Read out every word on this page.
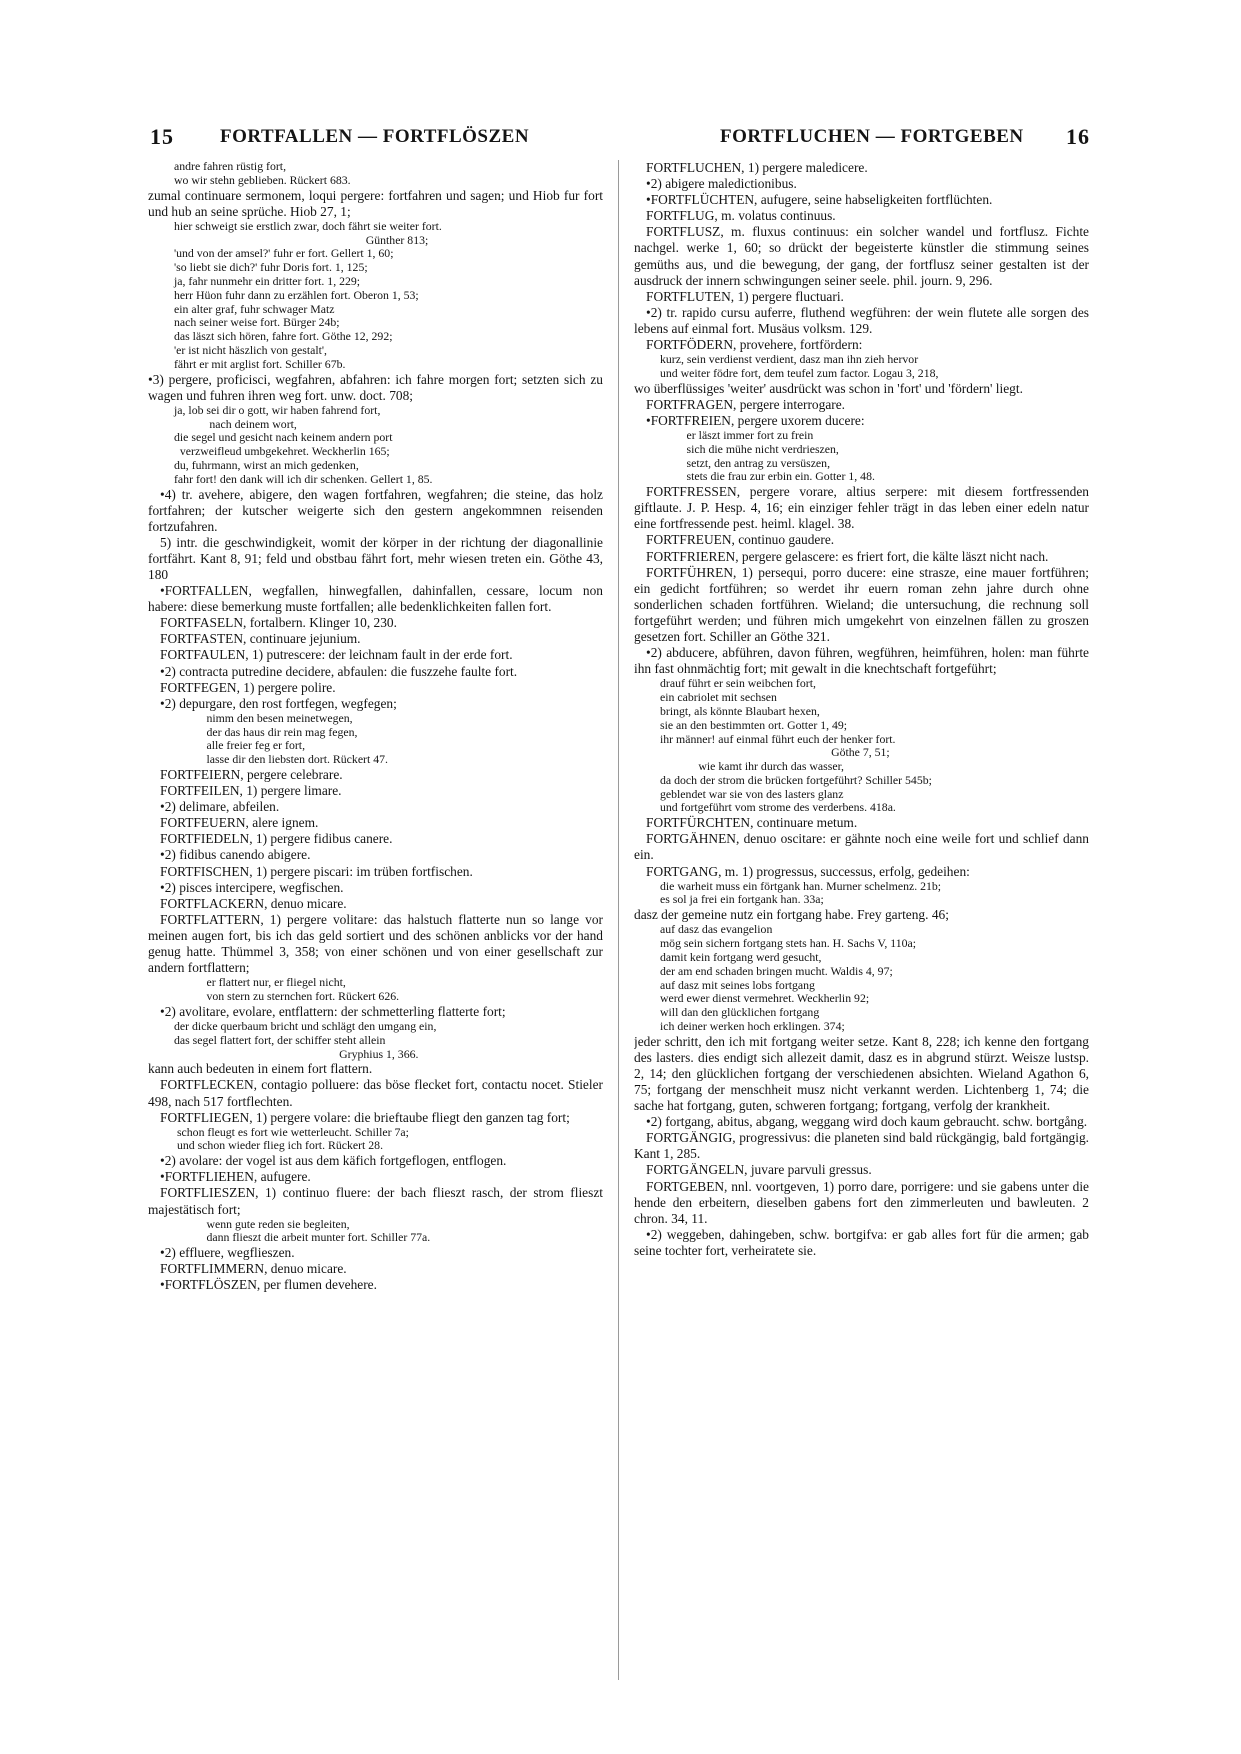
15 FORTFALLEN — FORTFLÖSZEN	FORTFLUCHEN — FORTGEBEN 16

andre fahren rüstig fort,
wo wir stehn geblieben. Rückert 683.

zumal continuare sermonem, loqui pergere: fortfahren und sagen; und Hiob fur fort und hub an seine sprüche. Hiob 27, 1;

hier schweigt sie erstlich zwar, doch fährt sie weiter fort.
Günther 813;
'und von der amsel?' fuhr er fort. Gellert 1, 60;
'so liebt sie dich?' fuhr Doris fort. 1, 125;
ja, fahr nunmehr ein dritter fort. 1, 229;
herr Hüon fuhr dann zu erzählen fort. Oberon 1, 53;
ein alter graf, fuhr schwager Matz
nach seiner weise fort. Bürger 24b;
das läszt sich hören, fahre fort. Göthe 12, 292;
'er ist nicht häszlich von gestalt',
fährt er mit arglist fort. Schiller 67b.

•3) pergere, proficisci, wegfahren, abfahren: ich fahre morgen fort; setzten sich zu wagen und fuhren ihren weg fort. unw. doct. 708;

ja, lob sei dir o gott, wir haben fahrend fort,
nach deinem wort,
die segel und gesicht nach keinem andern port
verzweifleud umbgekehret. Weckherlin 165;
du, fuhrmann, wirst an mich gedenken,
fahr fort! den dank will ich dir schenken. Gellert 1, 85.

•4) tr. avehere, abigere, den wagen fortfahren, wegfahren; die steine, das holz fortfahren; der kutscher weigerte sich den gestern angekommnen reisenden fortzufahren.

5) intr. die geschwindigkeit, womit der körper in der richtung der diagonallinie fortfährt. Kant 8, 91; feld und obstbau fährt fort, mehr wiesen treten ein. Göthe 43, 180

•FORTFALLEN, wegfallen, hinwegfallen, dahinfallen, cessare, locum non habere: diese bemerkung muste fortfallen; alle bedenklichkeiten fallen fort.

FORTFASELN, fortalbern. Klinger 10, 230.

FORTFASTEN, continuare jejunium.

FORTFAULEN, 1) putrescere: der leichnam fault in der erde fort.

•2) contracta putredine decidere, abfaulen: die fuszzehe faulte fort.

FORTFEGEN, 1) pergere polire.

•2) depurgare, den rost fortfegen, wegfegen;

nimm den besen meinetwegen,
der das haus dir rein mag fegen,
alle freier feg er fort,
lasse dir den liebsten dort. Rückert 47.

FORTFEIERN, pergere celebrare.

FORTFEILEN, 1) pergere limare.

•2) delimare, abfeilen.

FORTFEUERN, alere ignem.

FORTFIEDELN, 1) pergere fidibus canere.

•2) fidibus canendo abigere.

FORTFISCHEN, 1) pergere piscari: im trüben fortfischen.

•2) pisces intercipere, wegfischen.

FORTFLACKERN, denuo micare.

FORTFLATTERN, 1) pergere volitare: das halstuch flatterte nun so lange vor meinen augen fort, bis ich das geld sortiert und des schönen anblicks vor der hand genug hatte. Thümmel 3, 358; von einer schönen und von einer gesellschaft zur andern fortflattern;

er flattert nur, er fliegel nicht,
von stern zu sternchen fort. Rückert 626.

•2) avolitare, evolare, entflattern: der schmetterling flatterte fort;

der dicke querbaum bricht und schlägt den umgang ein,
das segel flattert fort, der schiffer steht allein
Gryphius 1, 366.

kann auch bedeuten in einem fort flattern.

FORTFLECKEN, contagio polluere: das böse flecket fort, contactu nocet. Stieler 498, nach 517 fortflechten.

FORTFLIEGEN, 1) pergere volare: die brieftaube fliegt den ganzen tag fort;

schon fleugt es fort wie wetterleucht. Schiller 7a;
und schon wieder flieg ich fort. Rückert 28.

•2) avolare: der vogel ist aus dem käfich fortgeflogen, entflogen.

•FORTFLIEHEN, aufugere.

FORTFLIESZEN, 1) continuo fluere: der bach flieszt rasch, der strom flieszt majestätisch fort;

wenn gute reden sie begleiten,
dann flieszt die arbeit munter fort. Schiller 77a.

•2) effluere, wegflieszen.

FORTFLIMMERN, denuo micare.

•FORTFLÖSZEN, per flumen devehere.

FORTFLUCHEN, 1) pergere maledicere.

•2) abigere maledictionibus.

•FORTFLÜCHTEN, aufugere, seine habseligkeiten fortflüchten.

FORTFLUG, m. volatus continuus.

FORTFLUSZ, m. fluxus continuus: ein solcher wandel und fortflusz. Fichte nachgel. werke 1, 60; so drückt der begeisterte künstler die stimmung seines gemüths aus, und die bewegung, der gang, der fortflusz seiner gestalten ist der ausdruck der innern schwingungen seiner seele. phil. journ. 9, 296.

FORTFLUTEN, 1) pergere fluctuari.

•2) tr. rapido cursu auferre, fluthend wegführen: der wein flutete alle sorgen des lebens auf einmal fort. Musäus volksm. 129.

FORTFÖDERN, provehere, fortfördern:

kurz, sein verdienst verdient, dasz man ihn zieh hervor
und weiter födre fort, dem teufel zum factor. Logau 3, 218,

wo überflüssiges 'weiter' ausdrückt was schon in 'fort' und 'fördern' liegt.

FORTFRAGEN, pergere interrogare.

•FORTFREIEN, pergere uxorem ducere:

er läszt immer fort zu frein
sich die mühe nicht verdrieszen,
setzt, den antrag zu versüszen,
stets die frau zur erbin ein. Gotter 1, 48.

FORTFRESSEN, pergere vorare, altius serpere: mit diesem fortfressenden giftlaute. J. P. Hesp. 4, 16; ein einziger fehler trägt in das leben einer edeln natur eine fortfressende pest. heiml. klagel. 38.

FORTFREUEN, continuo gaudere.

FORTFRIEREN, pergere gelascere: es friert fort, die kälte läszt nicht nach.

FORTFÜHREN, 1) persequi, porro ducere: eine strasze, eine mauer fortführen; ein gedicht fortführen; so werdet ihr euern roman zehn jahre durch ohne sonderlichen schaden fortführen. Wieland; die untersuchung, die rechnung soll fortgeführt werden; und führen mich umgekehrt von einzelnen fällen zu groszen gesetzen fort. Schiller an Göthe 321.

•2) abducere, abführen, davon führen, wegführen, heimführen, holen: man führte ihn fast ohnmächtig fort; mit gewalt in die knechtschaft fortgeführt;

drauf führt er sein weibchen fort,
ein cabriolet mit sechsen
bringt, als könnte Blaubart hexen,
sie an den bestimmten ort. Gotter 1, 49;
ihr männer! auf einmal führt euch der henker fort.
Göthe 7, 51;
wie kamt ihr durch das wasser,
da doch der strom die brücken fortgeführt? Schiller 545b;
geblendet war sie von des lasters glanz
und fortgeführt vom strome des verderbens. 418a.

FORTFÜRCHTEN, continuare metum.

FORTGÄHNEN, denuo oscitare: er gähnte noch eine weile fort und schlief dann ein.

FORTGANG, m. 1) progressus, successus, erfolg, gedeihen:

die warheit muss ein förtgank han. Murner schelmenz. 21b;
es sol ja frei ein fortgank han. 33a;

dasz der gemeine nutz ein fortgang habe. Frey garteng. 46;

auf dasz das evangelion
mög sein sichern fortgang stets han. H. Sachs V, 110a;
damit kein fortgang werd gesucht,
der am end schaden bringen mucht. Waldis 4, 97;
auf dasz mit seines lobs fortgang
werd ewer dienst vermehret. Weckherlin 92;
will dan den glücklichen fortgang
ich deiner werken hoch erklingen. 374;

jeder schritt, den ich mit fortgang weiter setze. Kant 8, 228; ich kenne den fortgang des lasters. dies endigt sich allezeit damit, dasz es in abgrund stürzt. Weisze lustsp. 2, 14; den glücklichen fortgang der verschiedenen absichten. Wieland Agathon 6, 75; fortgang der menschheit musz nicht verkannt werden. Lichtenberg 1, 74; die sache hat fortgang, guten, schweren fortgang; fortgang, verfolg der krankheit.

•2) fortgang, abitus, abgang, weggang wird doch kaum gebraucht. schw. bortgång.

FORTGÄNGIG, progressivus: die planeten sind bald rückgängig, bald fortgängig. Kant 1, 285.

FORTGÄNGELN, juvare parvuli gressus.

FORTGEBEN, nnl. voortgeven, 1) porro dare, porrigere: und sie gabens unter die hende den erbeitern, dieselben gabens fort den zimmerleuten und bawleuten. 2 chron. 34, 11.

•2) weggeben, dahingeben, schw. bortgifva: er gab alles fort für die armen; gab seine tochter fort, verheiratete sie.
